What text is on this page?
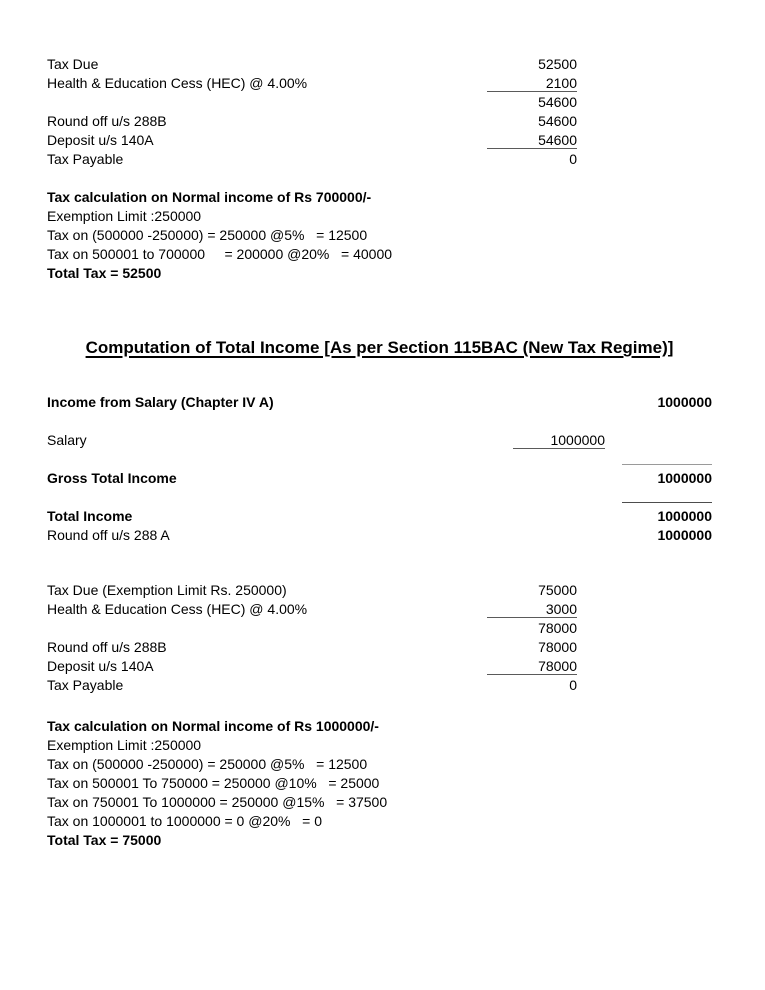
Tax Due	52500
Health & Education Cess (HEC) @ 4.00%	2100
54600
Round off u/s 288B	54600
Deposit u/s 140A	54600
Tax Payable	0
Tax calculation on Normal income of Rs 700000/-
Exemption Limit :250000
Tax on (500000 -250000) = 250000 @5%   = 12500
Tax on 500001 to 700000     = 200000 @20%   = 40000
Total Tax = 52500
Computation of Total Income [As per Section 115BAC (New Tax Regime)]
Income from Salary (Chapter IV A)	1000000
Salary	1000000
Gross Total Income	1000000
Total Income	1000000
Round off u/s 288 A	1000000
Tax Due (Exemption Limit Rs. 250000)	75000
Health & Education Cess (HEC) @ 4.00%	3000
78000
Round off u/s 288B	78000
Deposit u/s 140A	78000
Tax Payable	0
Tax calculation on Normal income of Rs 1000000/-
Exemption Limit :250000
Tax on (500000 -250000) = 250000 @5%   = 12500
Tax on 500001 To 750000 = 250000 @10%   = 25000
Tax on 750001 To 1000000 = 250000 @15%   = 37500
Tax on 1000001 to 1000000 = 0 @20%   = 0
Total Tax = 75000
